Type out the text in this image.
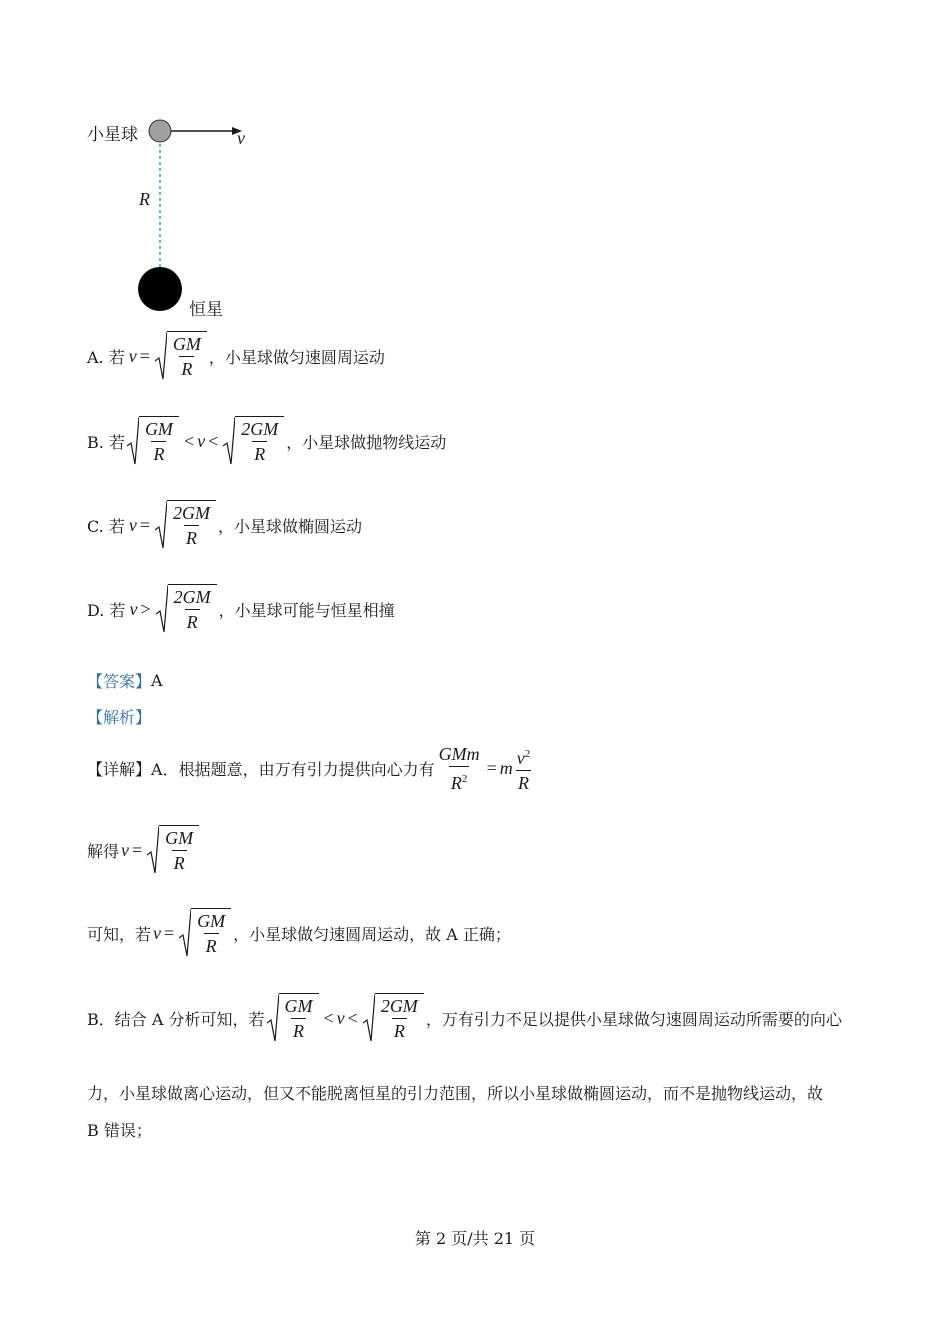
小星球	v
R
恒星
A. 若 $v = \frac{GM}{R}$ ，小星球做匀速圆周运动
B. 若 $\frac{GM}{R} < v < \frac{2GM}{R}$ ，小星球做抛物线运动
C. 若 $v = \frac{2GM}{R}$ ，小星球做椭圆运动
D. 若 $v > \frac{2GM}{R}$ ，小星球可能与恒星相撞
【答案】 A
【解析】
【详解】 A．根据题意，由万有引力提供向心力有 $\frac{\text{GMm}}{R^2} = m \frac{v^2}{R}$
解得 $v = \frac{GM}{R}$
可知，若 $v = \frac{GM}{R}$ ，小星球做匀速圆周运动，故 A 正确；
B．结合 A 分析可知，若 $\frac{GM}{R} < v < \frac{2GM}{R}$ ，万有引力不足以提供小星球做匀速圆周运动所需要的向心
力，小星球做离心运动，但又不能脱离恒星的引力范围，所以小星球做椭圆运动，而不是抛物线运动，故
B 错误；
第 2 页/共 21 页
